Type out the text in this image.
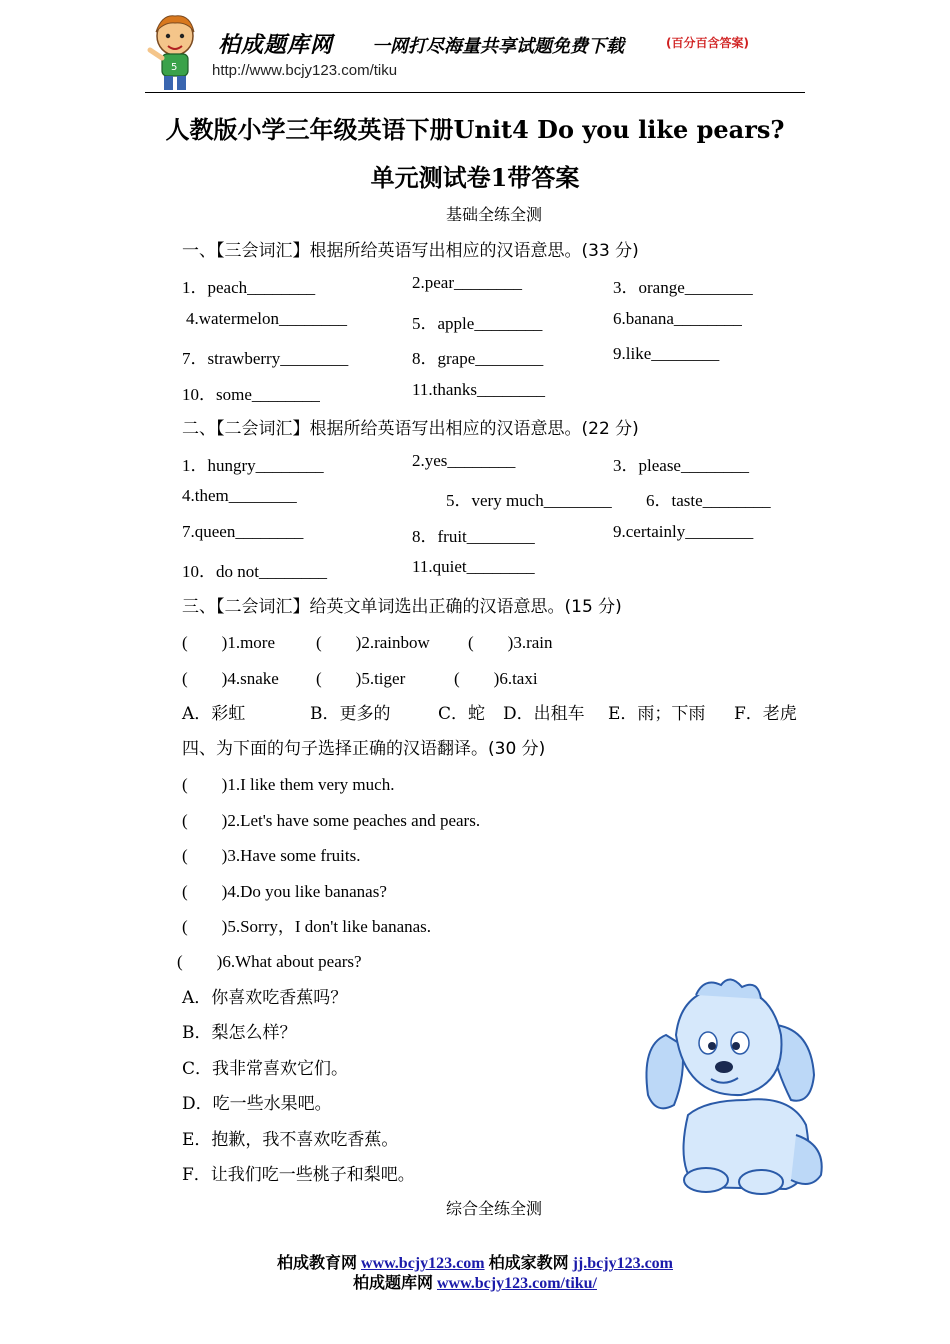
5
柏成题库网 一网打尽海量共享试题免费下载	(百分百含答案)
http://www.bcjy123.com/tiku
人教版小学三年级英语下册Unit4 Do you like pears?
单元测试卷1带答案
基础全练全测
一、【三会词汇】根据所给英语写出相应的汉语意思。(33 分)
1．peach________	2.pear________	3．orange________
4.watermelon________	5．apple________	6.banana________
7．strawberry________	8．grape________	9.like________
10．some________	11.thanks________
二、【二会词汇】根据所给英语写出相应的汉语意思。(22 分)
1．hungry________	2.yes________	3．please________
4.them________	5．very much________ 6．taste________
7.queen________	8．fruit________	9.certainly________
10．do not________	11.quiet________
三、【二会词汇】给英文单词选出正确的汉语意思。(15 分)
(　　)1.more (　　)2.rainbow (　　)3.rain
(　　)4.snake (　　)5.tiger	(　　)6.taxi
A．彩虹	B．更多的	C．蛇 D．出租车 E．雨；下雨 F．老虎
四、为下面的句子选择正确的汉语翻译。(30 分)
(　　)1.I like them very much.
(　　)2.Let's have some peaches and pears.
(　　)3.Have some fruits.
(　　)4.Do you like bananas?
(　　)5.Sorry，I don't like bananas.
(　　)6.What about pears?
A．你喜欢吃香蕉吗？
B．梨怎么样？
C．我非常喜欢它们。
D．吃一些水果吧。
E．抱歉，我不喜欢吃香蕉。
F．让我们吃一些桃子和梨吧。
综合全练全测
柏成教育网 www.bcjy123.com 柏成家教网 jj.bcjy123.com
柏成题库网 www.bcjy123.com/tiku/
